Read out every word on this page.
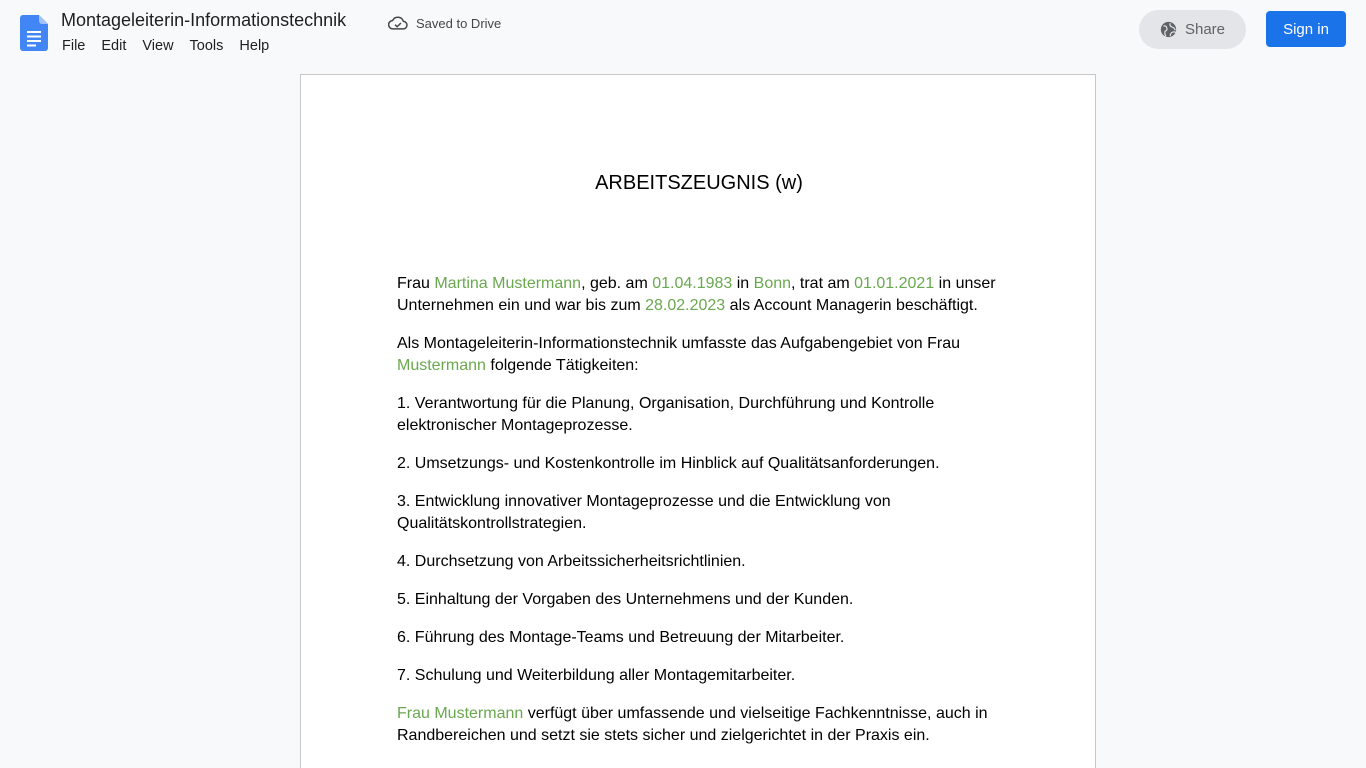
Montageleiterin-Informationstechnik	Saved to Drive
File	Edit	View	Tools	Help
Share	Sign in
ARBEITSZEUGNIS (w)

Frau Martina Mustermann, geb. am 01.04.1983 in Bonn, trat am 01.01.2021 in unser Unternehmen ein und war bis zum 28.02.2023 als Account Managerin beschäftigt.

Als Montageleiterin-Informationstechnik umfasste das Aufgabengebiet von Frau Mustermann folgende Tätigkeiten:

1. Verantwortung für die Planung, Organisation, Durchführung und Kontrolle elektronischer Montageprozesse.

2. Umsetzungs- und Kostenkontrolle im Hinblick auf Qualitätsanforderungen.

3. Entwicklung innovativer Montageprozesse und die Entwicklung von Qualitätskontrollstrategien.

4. Durchsetzung von Arbeitssicherheitsrichtlinien.

5. Einhaltung der Vorgaben des Unternehmens und der Kunden.

6. Führung des Montage-Teams und Betreuung der Mitarbeiter.

7. Schulung und Weiterbildung aller Montagemitarbeiter.

Frau Mustermann verfügt über umfassende und vielseitige Fachkenntnisse, auch in Randbereichen und setzt sie stets sicher und zielgerichtet in der Praxis ein.
